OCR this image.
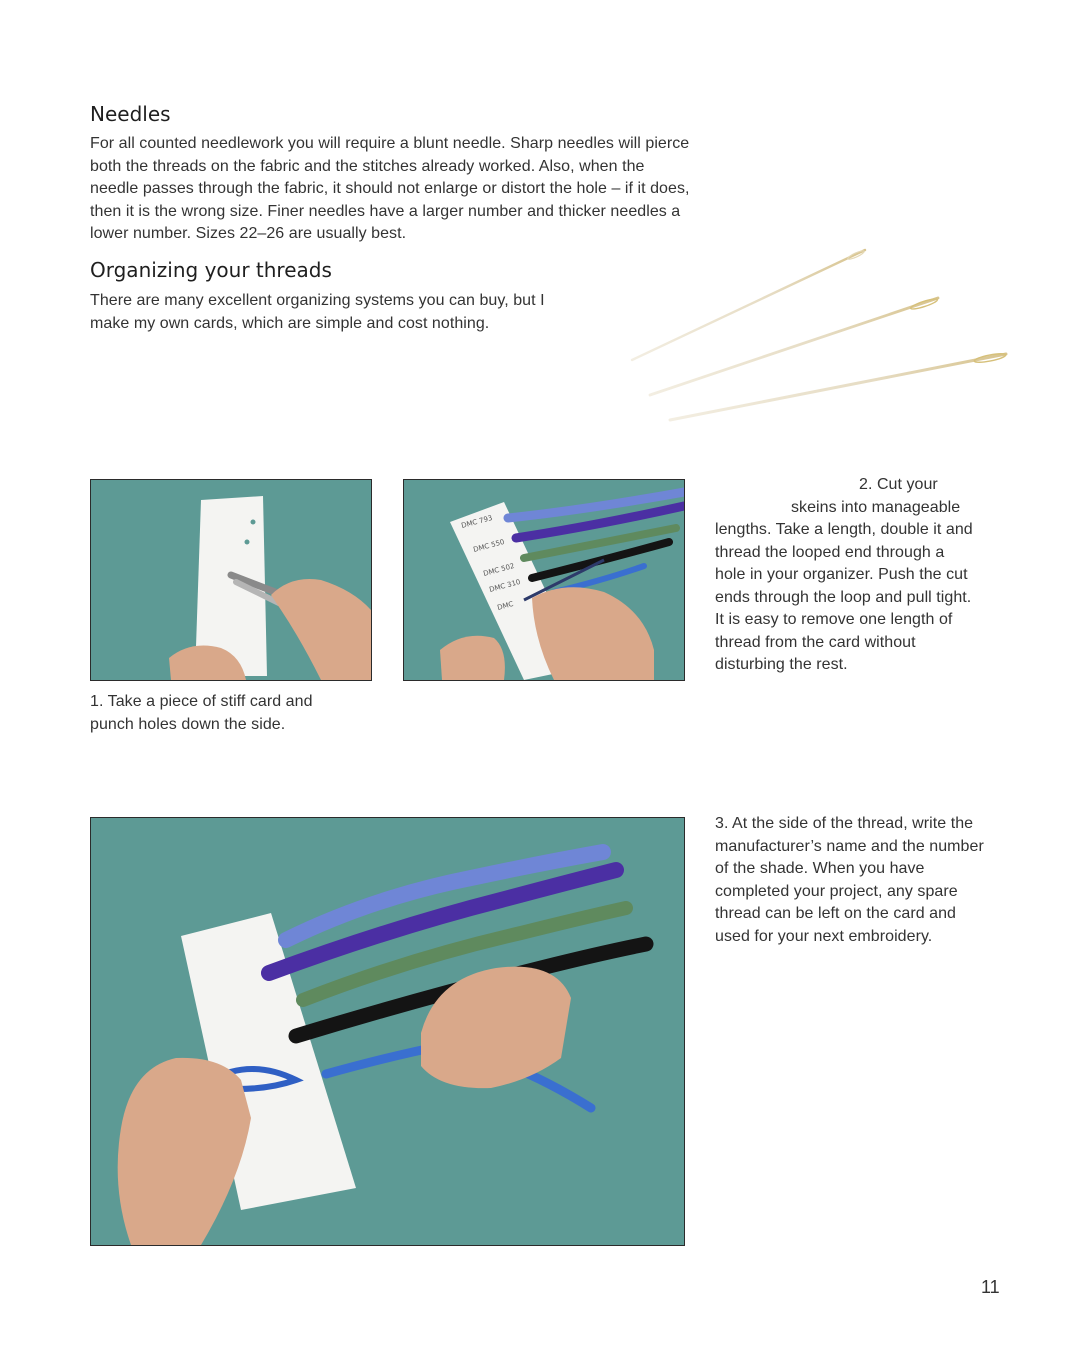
Needles

For all counted needlework you will require a blunt needle. Sharp needles will pierce both the threads on the fabric and the stitches already worked. Also, when the needle passes through the fabric, it should not enlarge or distort the hole – if it does, then it is the wrong size. Finer needles have a larger number and thicker needles a lower number. Sizes 22–26 are usually best.

Organizing your threads

There are many excellent organizing systems you can buy, but I make my own cards, which are simple and cost nothing.

DMC 793
DMC 550
DMC 502
DMC 310
DMC

1. Take a piece of stiff card and punch holes down the side.

2. Cut your
skeins into manageable
lengths. Take a length, double it and thread the looped end through a hole in your organizer. Push the cut ends through the loop and pull tight. It is easy to remove one length of thread from the card without disturbing the rest.

3. At the side of the thread, write the manufacturer’s name and the number of the shade. When you have completed your project, any spare thread can be left on the card and used for your next embroidery.

11
